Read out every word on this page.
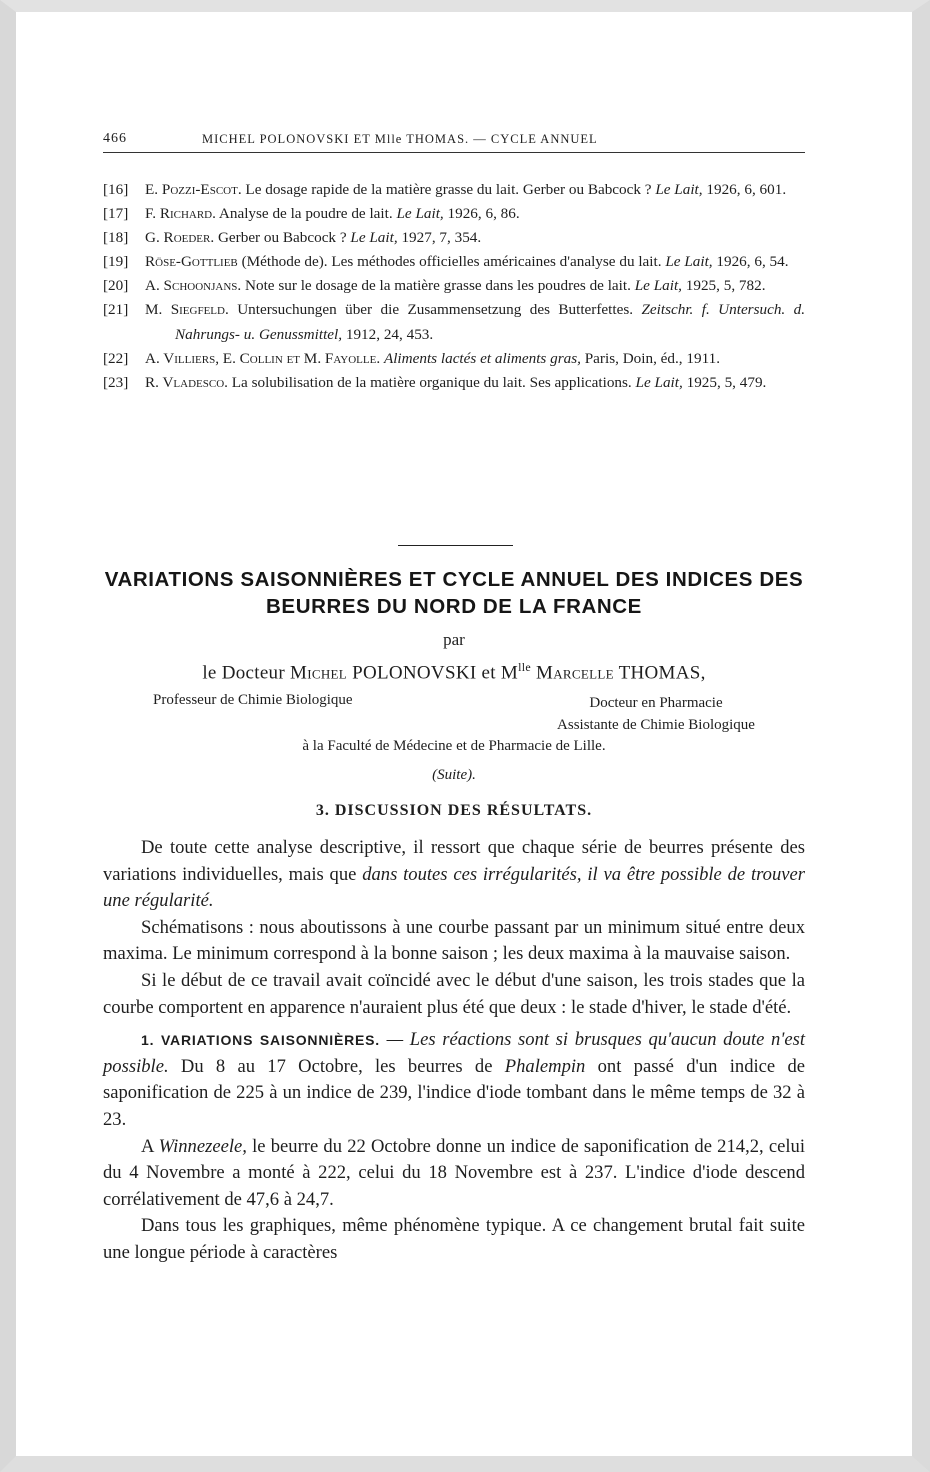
466	MICHEL POLONOVSKI ET Mlle THOMAS. — CYCLE ANNUEL
[16] E. Pozzi-Escot. Le dosage rapide de la matière grasse du lait. Gerber ou Babcock ? Le Lait, 1926, 6, 601.
[17] F. Richard. Analyse de la poudre de lait. Le Lait, 1926, 6, 86.
[18] G. Roeder. Gerber ou Babcock ? Le Lait, 1927, 7, 354.
[19] Röse-Gottlieb (Méthode de). Les méthodes officielles américaines d'analyse du lait. Le Lait, 1926, 6, 54.
[20] A. Schoonjans. Note sur le dosage de la matière grasse dans les poudres de lait. Le Lait, 1925, 5, 782.
[21] M. Siegfeld. Untersuchungen über die Zusammensetzung des Butterfettes. Zeitschr. f. Untersuch. d. Nahrungs- u. Genussmittel, 1912, 24, 453.
[22] A. Villiers, E. Collin et M. Fayolle. Aliments lactés et aliments gras, Paris, Doin, éd., 1911.
[23] R. Vladesco. La solubilisation de la matière organique du lait. Ses applications. Le Lait, 1925, 5, 479.
VARIATIONS SAISONNIÈRES ET CYCLE ANNUEL DES INDICES DES BEURRES DU NORD DE LA FRANCE
par
le Docteur Michel POLONOVSKI et $M^{lle}$ Marcelle THOMAS,
Professeur de Chimie Biologique	Docteur en Pharmacie
Assistante de Chimie Biologique
à la Faculté de Médecine et de Pharmacie de Lille.
(Suite).
3. DISCUSSION DES RÉSULTATS.

De toute cette analyse descriptive, il ressort que chaque série de beurres présente des variations individuelles, mais que dans toutes ces irrégularités, il va être possible de trouver une régularité.

Schématisons : nous aboutissons à une courbe passant par un minimum situé entre deux maxima. Le minimum correspond à la bonne saison ; les deux maxima à la mauvaise saison.

Si le début de ce travail avait coïncidé avec le début d'une saison, les trois stades que la courbe comportent en apparence n'auraient plus été que deux : le stade d'hiver, le stade d'été.

1. VARIATIONS SAISONNIÈRES. — Les réactions sont si brusques qu'aucun doute n'est possible. Du 8 au 17 Octobre, les beurres de Phalempin ont passé d'un indice de saponification de 225 à un indice de 239, l'indice d'iode tombant dans le même temps de 32 à 23.

A Winnezeele, le beurre du 22 Octobre donne un indice de saponification de 214,2, celui du 4 Novembre a monté à 222, celui du 18 Novembre est à 237. L'indice d'iode descend corrélativement de 47,6 à 24,7.

Dans tous les graphiques, même phénomène typique. A ce changement brutal fait suite une longue période à caractères
